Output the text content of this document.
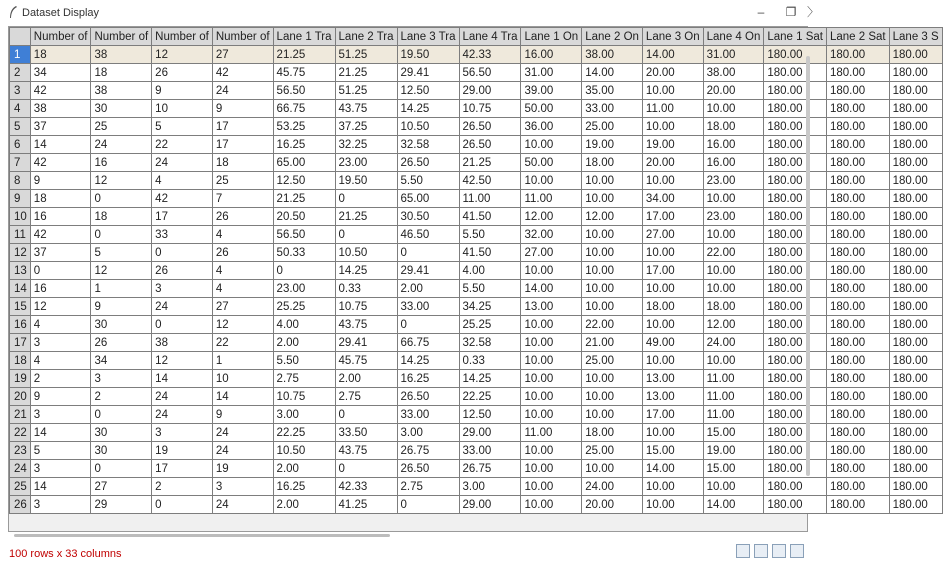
Dataset Display	–	❐ 〉
	Number of	Number of	Number of	Number of	Lane 1 Tra	Lane 2 Tra	Lane 3 Tra	Lane 4 Tra	Lane 1 On	Lane 2 On	Lane 3 On	Lane 4 On	Lane 1 Sat	Lane 2 Sat	Lane 3 S
1	18	38	12	27	21.25	51.25	19.50	42.33	16.00	38.00	14.00	31.00	180.00	180.00	180.00
2	34	18	26	42	45.75	21.25	29.41	56.50	31.00	14.00	20.00	38.00	180.00	180.00	180.00
3	42	38	9	24	56.50	51.25	12.50	29.00	39.00	35.00	10.00	20.00	180.00	180.00	180.00
4	38	30	10	9	66.75	43.75	14.25	10.75	50.00	33.00	11.00	10.00	180.00	180.00	180.00
5	37	25	5	17	53.25	37.25	10.50	26.50	36.00	25.00	10.00	18.00	180.00	180.00	180.00
6	14	24	22	17	16.25	32.25	32.58	26.50	10.00	19.00	19.00	16.00	180.00	180.00	180.00
7	42	16	24	18	65.00	23.00	26.50	21.25	50.00	18.00	20.00	16.00	180.00	180.00	180.00
8	9	12	4	25	12.50	19.50	5.50	42.50	10.00	10.00	10.00	23.00	180.00	180.00	180.00
9	18	0	42	7	21.25	0	65.00	11.00	11.00	10.00	34.00	10.00	180.00	180.00	180.00
10	16	18	17	26	20.50	21.25	30.50	41.50	12.00	12.00	17.00	23.00	180.00	180.00	180.00
11	42	0	33	4	56.50	0	46.50	5.50	32.00	10.00	27.00	10.00	180.00	180.00	180.00
12	37	5	0	26	50.33	10.50	0	41.50	27.00	10.00	10.00	22.00	180.00	180.00	180.00
13	0	12	26	4	0	14.25	29.41	4.00	10.00	10.00	17.00	10.00	180.00	180.00	180.00
14	16	1	3	4	23.00	0.33	2.00	5.50	14.00	10.00	10.00	10.00	180.00	180.00	180.00
15	12	9	24	27	25.25	10.75	33.00	34.25	13.00	10.00	18.00	18.00	180.00	180.00	180.00
16	4	30	0	12	4.00	43.75	0	25.25	10.00	22.00	10.00	12.00	180.00	180.00	180.00
17	3	26	38	22	2.00	29.41	66.75	32.58	10.00	21.00	49.00	24.00	180.00	180.00	180.00
18	4	34	12	1	5.50	45.75	14.25	0.33	10.00	25.00	10.00	10.00	180.00	180.00	180.00
19	2	3	14	10	2.75	2.00	16.25	14.25	10.00	10.00	13.00	11.00	180.00	180.00	180.00
20	9	2	24	14	10.75	2.75	26.50	22.25	10.00	10.00	13.00	11.00	180.00	180.00	180.00
21	3	0	24	9	3.00	0	33.00	12.50	10.00	10.00	17.00	11.00	180.00	180.00	180.00
22	14	30	3	24	22.25	33.50	3.00	29.00	11.00	18.00	10.00	15.00	180.00	180.00	180.00
23	5	30	19	24	10.50	43.75	26.75	33.00	10.00	25.00	15.00	19.00	180.00	180.00	180.00
24	3	0	17	19	2.00	0	26.50	26.75	10.00	10.00	14.00	15.00	180.00	180.00	180.00
25	14	27	2	3	16.25	42.33	2.75	3.00	10.00	24.00	10.00	10.00	180.00	180.00	180.00
26	3	29	0	24	2.00	41.25	0	29.00	10.00	20.00	10.00	14.00	180.00	180.00	180.00
100 rows x 33 columns
